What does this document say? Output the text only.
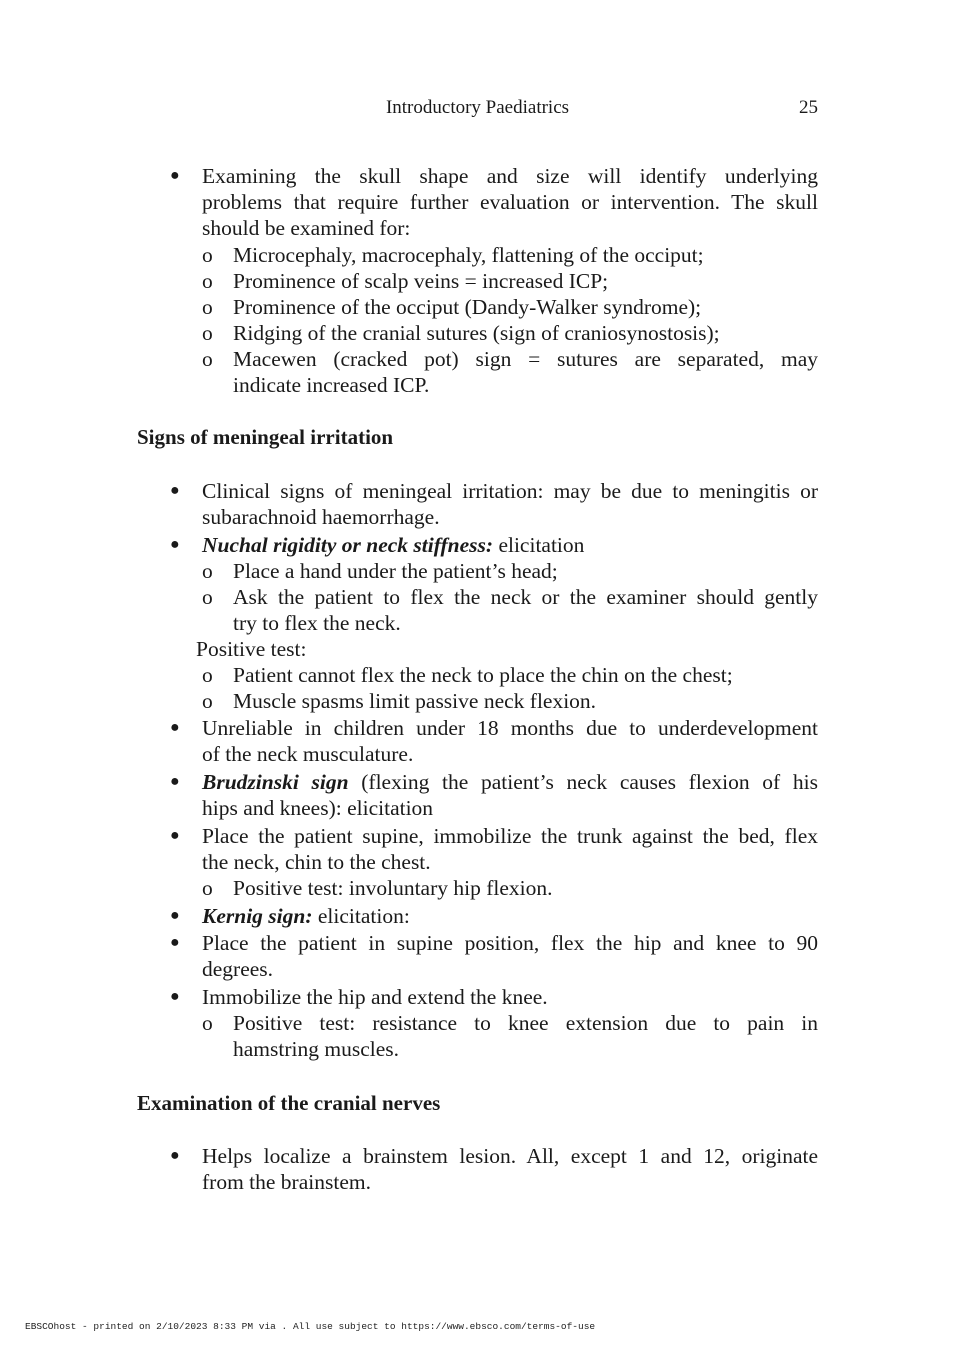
Introductory Paediatrics	25
● Examining the skull shape and size will identify underlying
problems that require further evaluation or intervention. The skull
should be examined for:
o Microcephaly, macrocephaly, flattening of the occiput;
o Prominence of scalp veins = increased ICP;
o Prominence of the occiput (Dandy-Walker syndrome);
o Ridging of the cranial sutures (sign of craniosynostosis);
o Macewen (cracked pot) sign = sutures are separated, may
indicate increased ICP.
Signs of meningeal irritation
● Clinical signs of meningeal irritation: may be due to meningitis or
subarachnoid haemorrhage.
● Nuchal rigidity or neck stiffness: elicitation
o Place a hand under the patient’s head;
o Ask the patient to flex the neck or the examiner should gently
try to flex the neck.
Positive test:
o Patient cannot flex the neck to place the chin on the chest;
o Muscle spasms limit passive neck flexion.
● Unreliable in children under 18 months due to underdevelopment
of the neck musculature.
● Brudzinski sign (flexing the patient’s neck causes flexion of his
hips and knees): elicitation
● Place the patient supine, immobilize the trunk against the bed, flex
the neck, chin to the chest.
o Positive test: involuntary hip flexion.
● Kernig sign: elicitation:
● Place the patient in supine position, flex the hip and knee to 90
degrees.
● Immobilize the hip and extend the knee.
o Positive test: resistance to knee extension due to pain in
hamstring muscles.
Examination of the cranial nerves
● Helps localize a brainstem lesion. All, except 1 and 12, originate
from the brainstem.
EBSCOhost - printed on 2/10/2023 8:33 PM via . All use subject to https://www.ebsco.com/terms-of-use
